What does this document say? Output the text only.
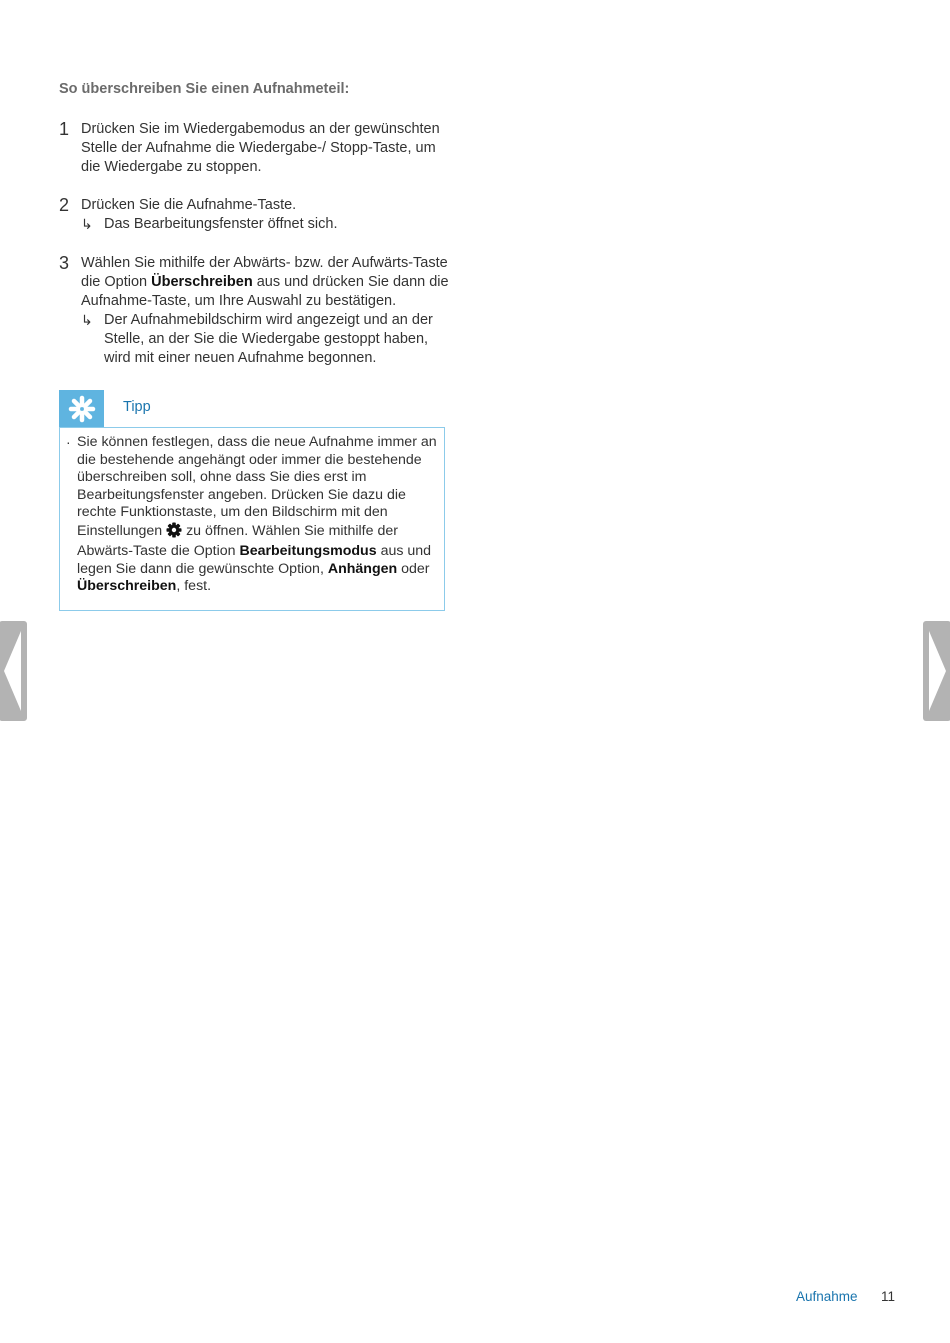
So überschreiben Sie einen Aufnahmeteil:
1 Drücken Sie im Wiedergabemodus an der gewünschten Stelle der Aufnahme die Wiedergabe-/ Stopp-Taste, um die Wiedergabe zu stoppen.
2 Drücken Sie die Aufnahme-Taste.
↳ Das Bearbeitungsfenster öffnet sich.
3 Wählen Sie mithilfe der Abwärts- bzw. der Aufwärts-Taste die Option Überschreiben aus und drücken Sie dann die Aufnahme-Taste, um Ihre Auswahl zu bestätigen.
↳ Der Aufnahmebildschirm wird angezeigt und an der Stelle, an der Sie die Wiedergabe gestoppt haben, wird mit einer neuen Aufnahme begonnen.
Tipp
· Sie können festlegen, dass die neue Aufnahme immer an die bestehende angehängt oder immer die bestehende überschreiben soll, ohne dass Sie dies erst im Bearbeitungsfenster angeben. Drücken Sie dazu die rechte Funktionstaste, um den Bildschirm mit den Einstellungen  zu öffnen. Wählen Sie mithilfe der Abwärts-Taste die Option Bearbeitungsmodus aus und legen Sie dann die gewünschte Option, Anhängen oder Überschreiben, fest.
Aufnahme 11
